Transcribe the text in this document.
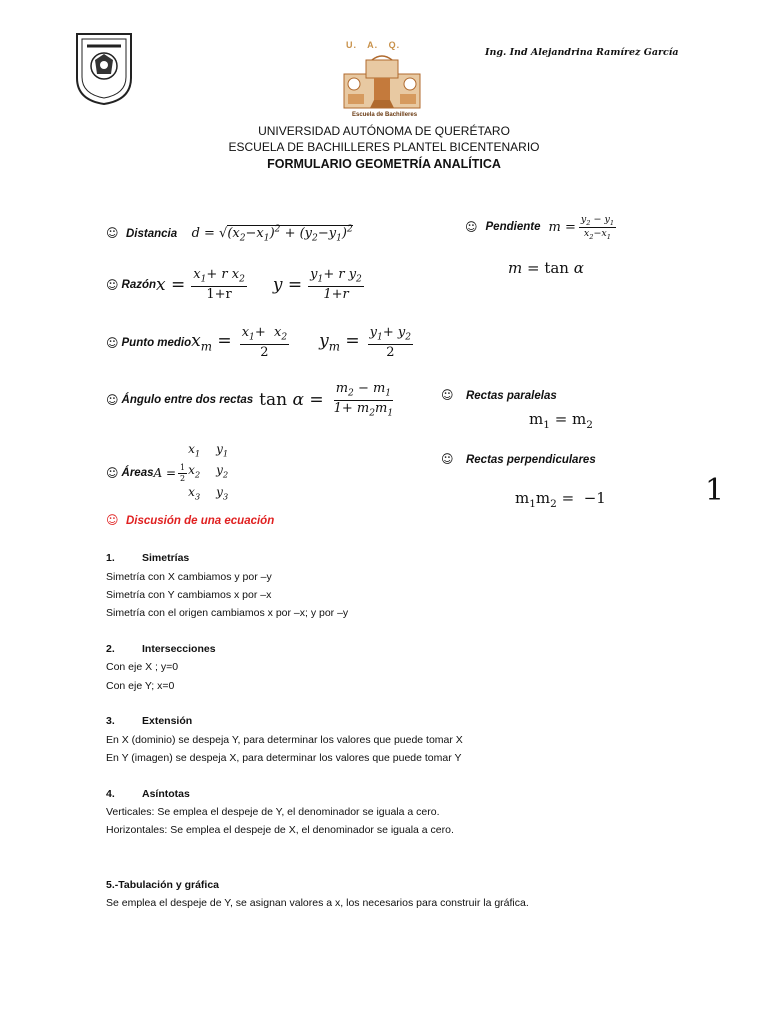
U.   A.   Q.
Escuela de Bachilleres
Ing. Ind Alejandrina Ramírez García
UNIVERSIDAD AUTÓNOMA DE QUERÉTARO
ESCUELA DE BACHILLERES PLANTEL BICENTENARIO
FORMULARIO GEOMETRÍA ANALÍTICA
☺ Distancia $d = √(x_2-x_1)^2 + (y_2-y_1)^2$
☺ Razón $x = \frac{x_1+ r x_2}{1+r}$ $y = \frac{y_1+ r y_2}{1+r}$
☺ Punto medio $x_m = \frac{x_1+ x_2}{2} y_m = \frac{y_1+ y_2}{2}$
☺ Ángulo entre dos rectas $\tan \alpha = \frac{m_2 - m_1}{1+ m_2m_1}$
☺ Áreas $A = \frac{1}{2}$
$x_1$	$y_1$
$x_2$	$y_2$
$x_3$	$y_3$
☺ Pendiente $m = \frac{y_2 - y_1}{x_2-x_1}$
m = tan α
☺ Rectas paralelas
$m_1 = m_2$
☺ Rectas perpendiculares
$m_1m_2 = -1$	1
☺ Discusión de una ecuación
1.	Simetrías
Simetría con X cambiamos y por –y
Simetría con Y cambiamos x por –x
Simetría con el origen cambiamos x por –x; y por –y
2.	Intersecciones
Con eje X ; y=0
Con eje Y; x=0
3.	Extensión
En X (dominio) se despeja Y, para determinar los valores que puede tomar X
En Y (imagen) se despeja X, para determinar los valores que puede tomar Y
4.	Asíntotas
Verticales: Se emplea el despeje de Y, el denominador se iguala a cero.
Horizontales: Se emplea el despeje de X, el denominador se iguala a cero.
5.-Tabulación y gráfica
Se emplea el despeje de Y, se asignan valores a x, los necesarios para construir la gráfica.
